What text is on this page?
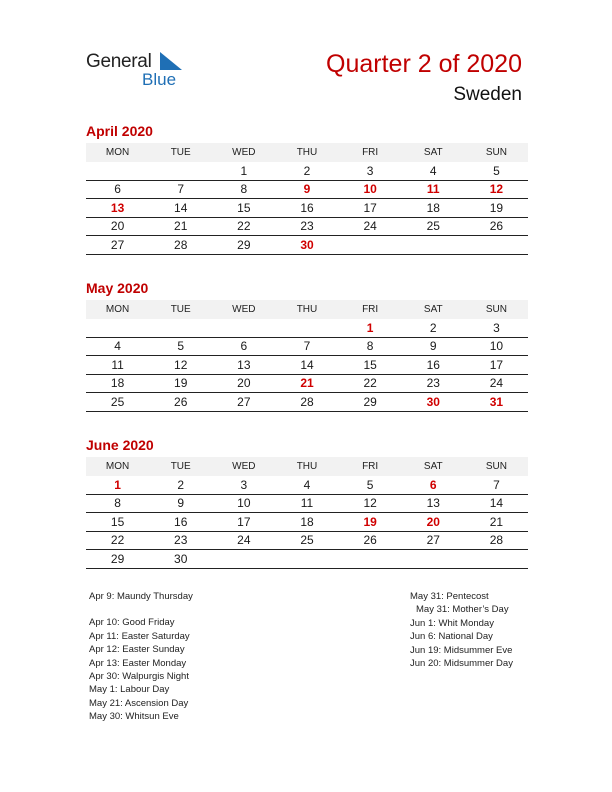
General
Blue
Quarter 2 of 2020
Sweden
April 2020
MON	TUE	WED	THU	FRI	SAT	SUN
		1	2	3	4	5
6	7	8	9	10	11	12
13	14	15	16	17	18	19
20	21	22	23	24	25	26
27	28	29	30			
May 2020
MON	TUE	WED	THU	FRI	SAT	SUN
				1	2	3
4	5	6	7	8	9	10
11	12	13	14	15	16	17
18	19	20	21	22	23	24
25	26	27	28	29	30	31
June 2020
MON	TUE	WED	THU	FRI	SAT	SUN
1	2	3	4	5	6	7
8	9	10	11	12	13	14
15	16	17	18	19	20	21
22	23	24	25	26	27	28
29	30					
Apr 9: Maundy Thursday
Apr 10: Good Friday
Apr 11: Easter Saturday
Apr 12: Easter Sunday
Apr 13: Easter Monday
Apr 30: Walpurgis Night
May 1: Labour Day
May 21: Ascension Day
May 30: Whitsun Eve
May 31: Pentecost
May 31: Mother’s Day
Jun 1: Whit Monday
Jun 6: National Day
Jun 19: Midsummer Eve
Jun 20: Midsummer Day
